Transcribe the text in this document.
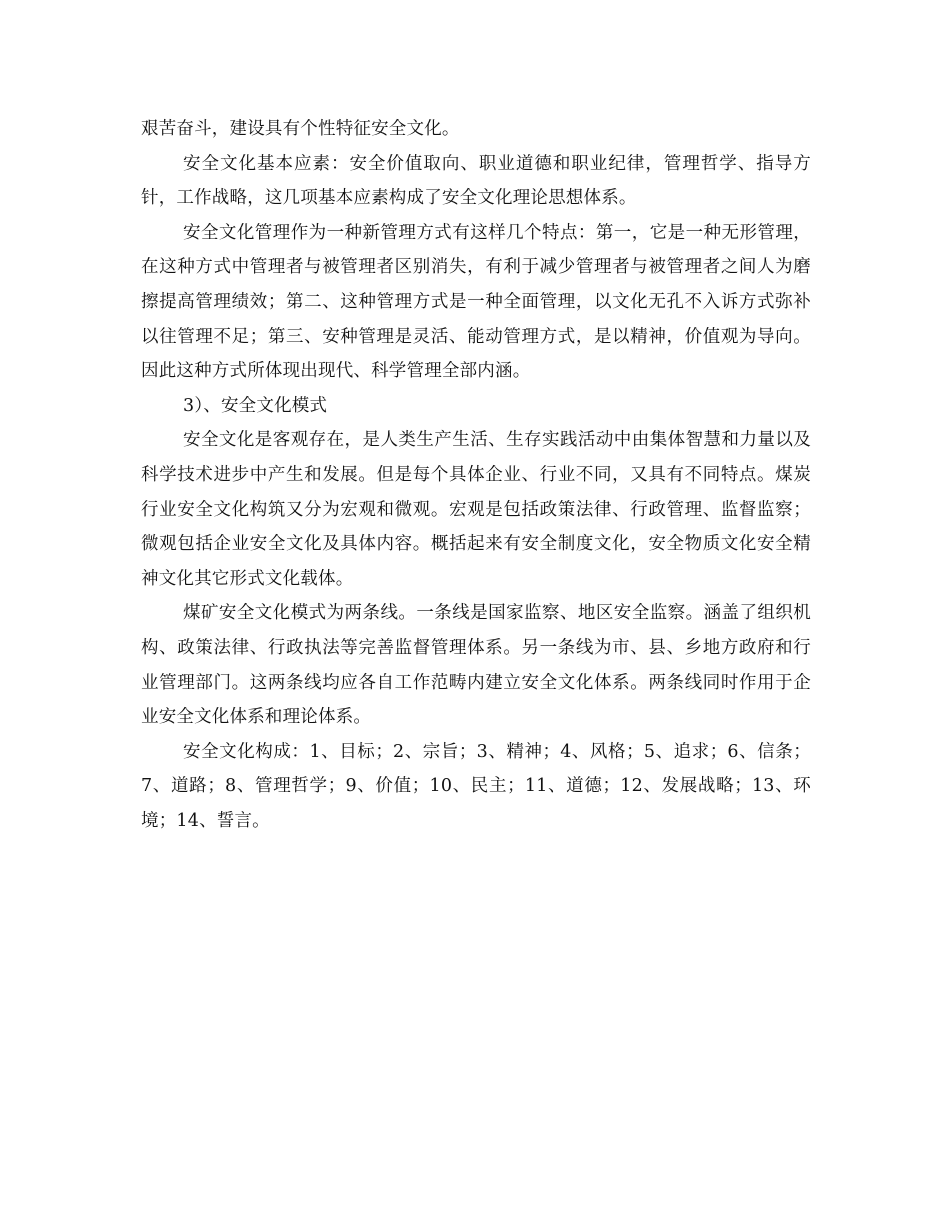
艰苦奋斗，建设具有个性特征安全文化。

安全文化基本应素：安全价值取向、职业道德和职业纪律，管理哲学、指导方针，工作战略，这几项基本应素构成了安全文化理论思想体系。

安全文化管理作为一种新管理方式有这样几个特点：第一，它是一种无形管理，在这种方式中管理者与被管理者区别消失，有利于减少管理者与被管理者之间人为磨擦提高管理绩效；第二、这种管理方式是一种全面管理，以文化无孔不入诉方式弥补以往管理不足；第三、安种管理是灵活、能动管理方式，是以精神，价值观为导向。因此这种方式所体现出现代、科学管理全部内涵。

3）、安全文化模式

安全文化是客观存在，是人类生产生活、生存实践活动中由集体智慧和力量以及科学技术进步中产生和发展。但是每个具体企业、行业不同，又具有不同特点。煤炭行业安全文化构筑又分为宏观和微观。宏观是包括政策法律、行政管理、监督监察；微观包括企业安全文化及具体内容。概括起来有安全制度文化，安全物质文化安全精神文化其它形式文化载体。

煤矿安全文化模式为两条线。一条线是国家监察、地区安全监察。涵盖了组织机构、政策法律、行政执法等完善监督管理体系。另一条线为市、县、乡地方政府和行业管理部门。这两条线均应各自工作范畴内建立安全文化体系。两条线同时作用于企业安全文化体系和理论体系。

安全文化构成：1、目标；2、宗旨；3、精神；4、风格；5、追求；6、信条；7、道路；8、管理哲学；9、价值；10、民主；11、道德；12、发展战略；13、环境；14、誓言。
